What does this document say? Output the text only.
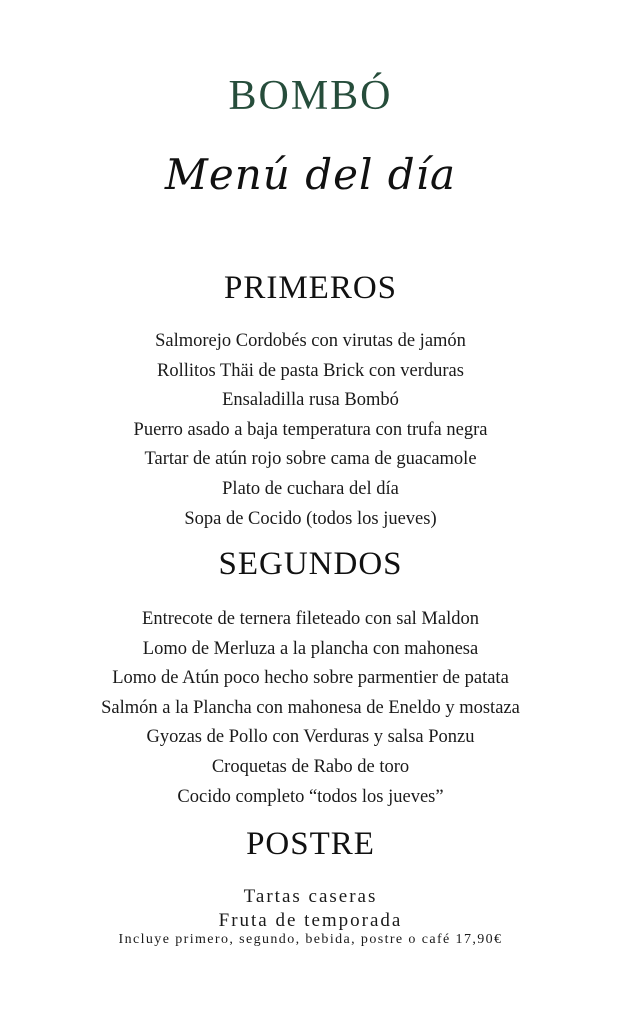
BOMBÓ
Menú del día
PRIMEROS
Salmorejo Cordobés con virutas de jamón
Rollitos Thäi de pasta Brick con verduras
Ensaladilla rusa Bombó
Puerro asado a baja temperatura con trufa negra
Tartar de atún rojo sobre cama de guacamole
Plato de cuchara del día
Sopa de Cocido (todos los jueves)
SEGUNDOS
Entrecote de ternera fileteado con sal Maldon
Lomo de Merluza a la plancha con mahonesa
Lomo de Atún poco hecho sobre parmentier de patata
Salmón a la Plancha con mahonesa de Eneldo y mostaza
Gyozas de Pollo con Verduras y salsa Ponzu
Croquetas de Rabo de toro
Cocido completo “todos los jueves”
POSTRE
Tartas caseras
Fruta de temporada
Incluye primero, segundo, bebida, postre o café 17,90€
